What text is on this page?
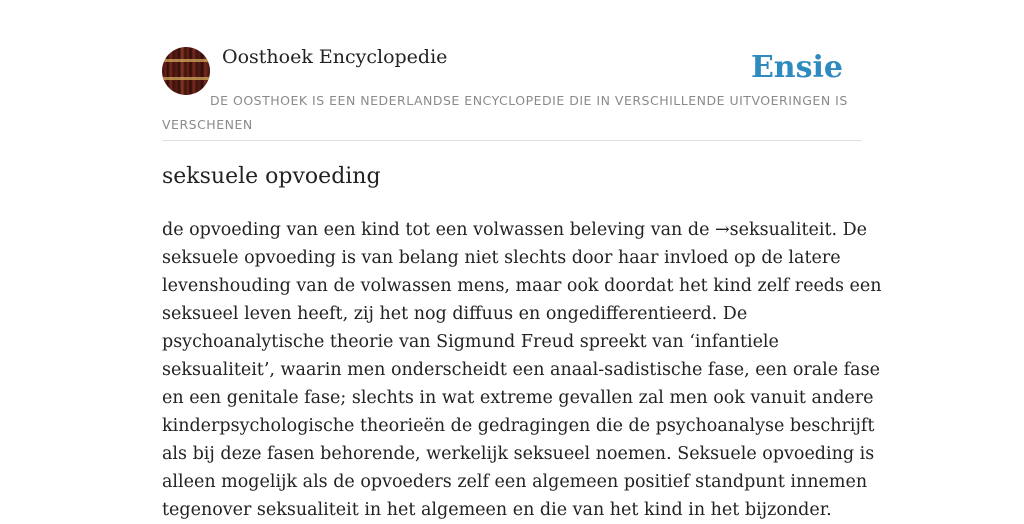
Oosthoek Encyclopedie	Ensie
DE OOSTHOEK IS EEN NEDERLANDSE ENCYCLOPEDIE DIE IN VERSCHILLENDE UITVOERINGEN IS VERSCHENEN
seksuele opvoeding

de opvoeding van een kind tot een volwassen beleving van de →seksualiteit. De
seksuele opvoeding is van belang niet slechts door haar invloed op de latere
levenshouding van de volwassen mens, maar ook doordat het kind zelf reeds een
seksueel leven heeft, zij het nog diffuus en ongedifferentieerd. De
psychoanalytische theorie van Sigmund Freud spreekt van ‘infantiele
seksualiteit’, waarin men onderscheidt een anaal-sadistische fase, een orale fase
en een genitale fase; slechts in wat extreme gevallen zal men ook vanuit andere
kinderpsychologische theorieën de gedragingen die de psychoanalyse beschrijft
als bij deze fasen behorende, werkelijk seksueel noemen. Seksuele opvoeding is
alleen mogelijk als de opvoeders zelf een algemeen positief standpunt innemen
tegenover seksualiteit in het algemeen en die van het kind in het bijzonder.
